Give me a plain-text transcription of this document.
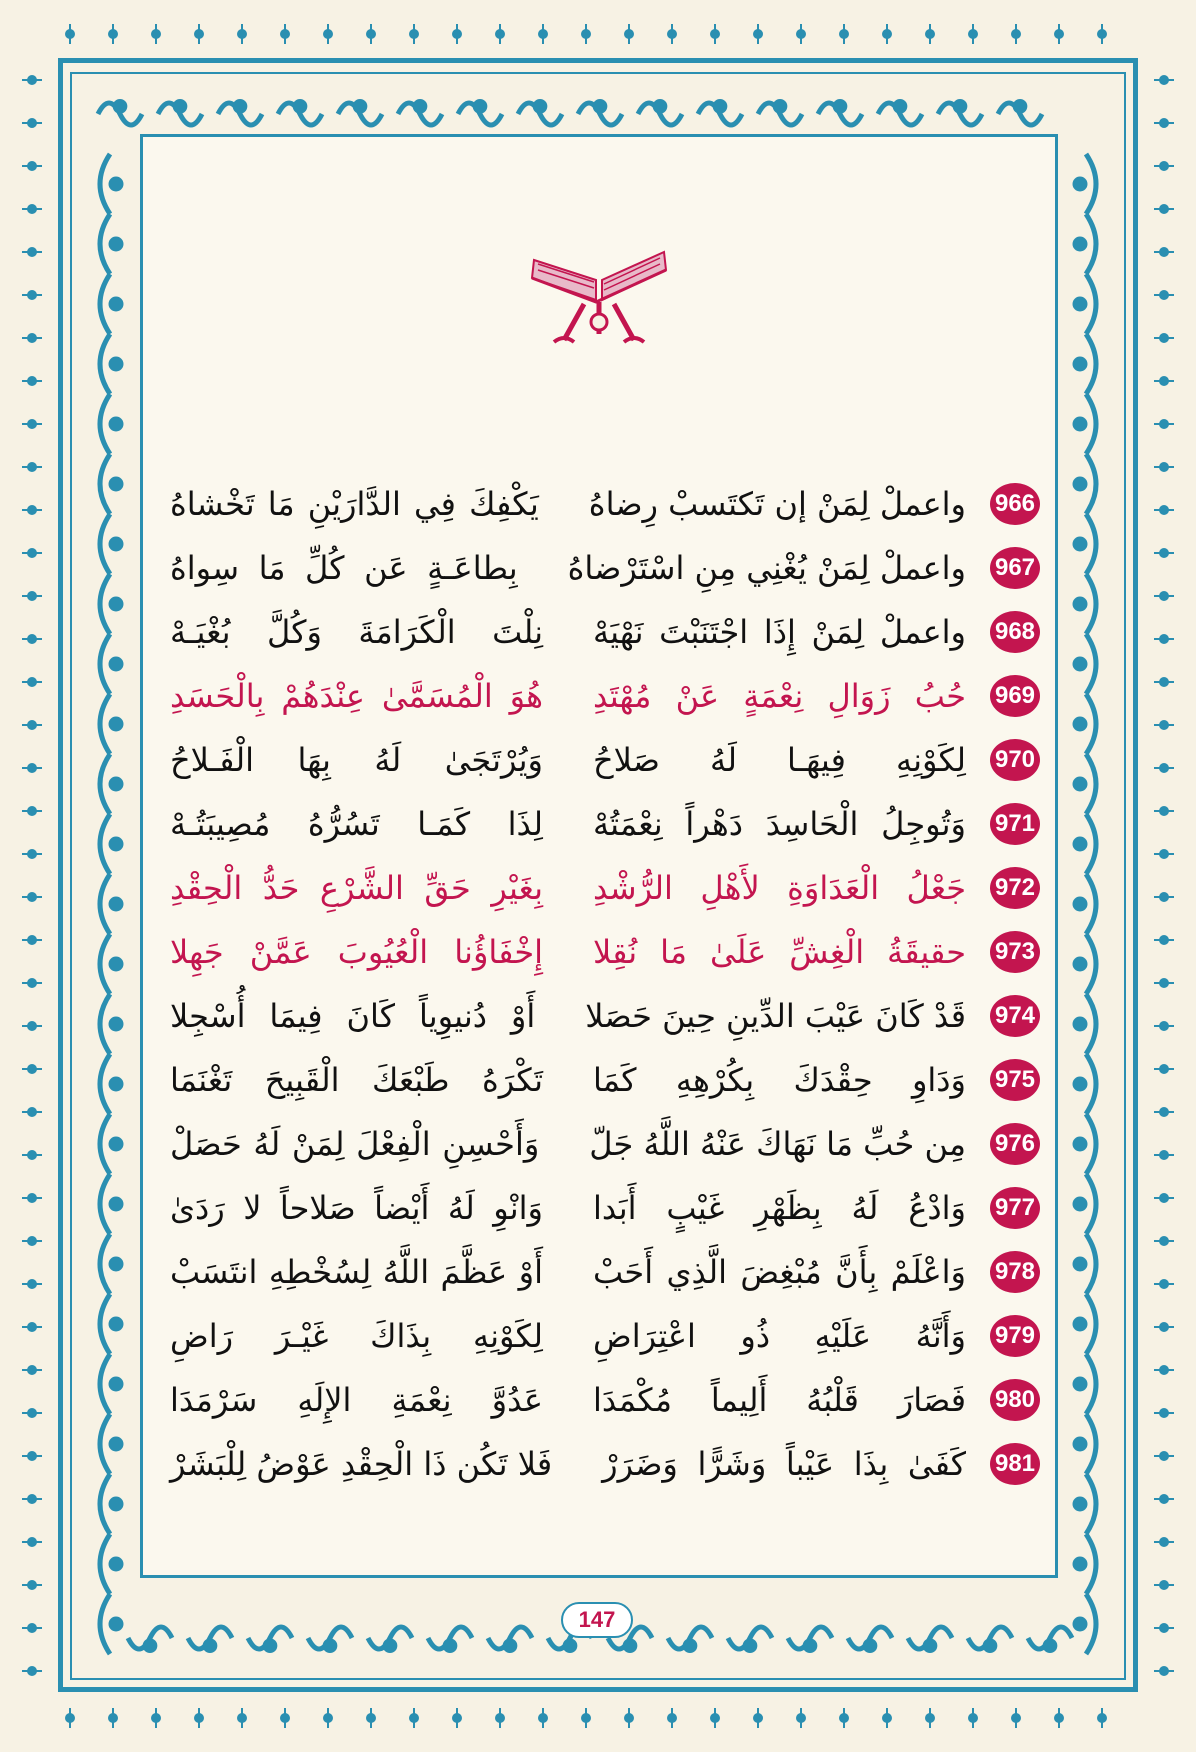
966
واعملْ لِمَنْ إن تَكتَسبْ رِضاهُ
يَكْفِكَ فِي الدَّارَيْنِ مَا تَخْشاهُ
967
واعملْ لِمَنْ يُغْنِي مِنِ اسْتَرْضاهُ
بِطاعَـةٍ عَن كُلِّ مَا سِواهُ
968
واعملْ لِمَنْ إِذَا اجْتَنَبْتَ نَهْيَهْ
نِلْتَ الْكَرَامَةَ وَكُلَّ بُغْيَـهْ
969
حُبُ زَوَالِ نِعْمَةٍ عَنْ مُهْتَدِ
هُوَ الْمُسَمَّىٰ عِنْدَهُمْ بِالْحَسَدِ
970
لِكَوْنِهِ فِيهَـا لَهُ صَلاحُ
وَيُرْتَجَىٰ لَهُ بِهَا الْفَـلاحُ
971
وَتُوجِلُ الْحَاسِدَ دَهْراً نِعْمَتُهْ
لِذَا كَمَـا تَسُرُّهُ مُصِيبَتُـهْ
972
جَعْلُ الْعَدَاوَةِ لأَهْلِ الرُّشْدِ
بِغَيْرِ حَقِّ الشَّرْعِ حَدُّ الْحِقْدِ
973
حقيقَةُ الْغِشِّ عَلَىٰ مَا نُقِلا
إِخْفَاؤُنا الْعُيُوبَ عَمَّنْ جَهِلا
974
قَدْ كَانَ عَيْبَ الدِّينِ حِينَ حَصَلا
أَوْ دُنيوِياً كَانَ فِيمَا أُسْجِلا
975
وَدَاوِ حِقْدَكَ بِكُرْهِهِ كَمَا
تَكْرَهُ طَبْعَكَ الْقَبِيحَ تَغْنَمَا
976
مِن حُبِّ مَا نَهَاكَ عَنْهُ اللَّهُ جَلّ
وَأَحْسِنِ الْفِعْلَ لِمَنْ لَهُ حَصَلْ
977
وَادْعُ لَهُ بِظَهْرِ غَيْبٍ أَبَدا
وَانْوِ لَهُ أَيْضاً صَلاحاً لا رَدَىٰ
978
وَاعْلَمْ بِأَنَّ مُبْغِضَ الَّذِي أَحَبْ
أَوْ عَظَّمَ اللَّهُ لِسُخْطِهِ انتَسَبْ
979
وَأَنَّهُ عَلَيْهِ ذُو اعْتِرَاضِ
لِكَوْنِهِ بِذَاكَ غَيْـرَ رَاضِ
980
فَصَارَ قَلْبُهُ أَلِيماً مُكْمَدَا
عَدُوَّ نِعْمَةِ الإِلَهِ سَرْمَدَا
981
كَفَىٰ بِذَا عَيْباً وَشَرًّا وَضَرَرْ
فَلا تَكُن ذَا الْحِقْدِ عَوْضُ لِلْبَشَرْ
147
